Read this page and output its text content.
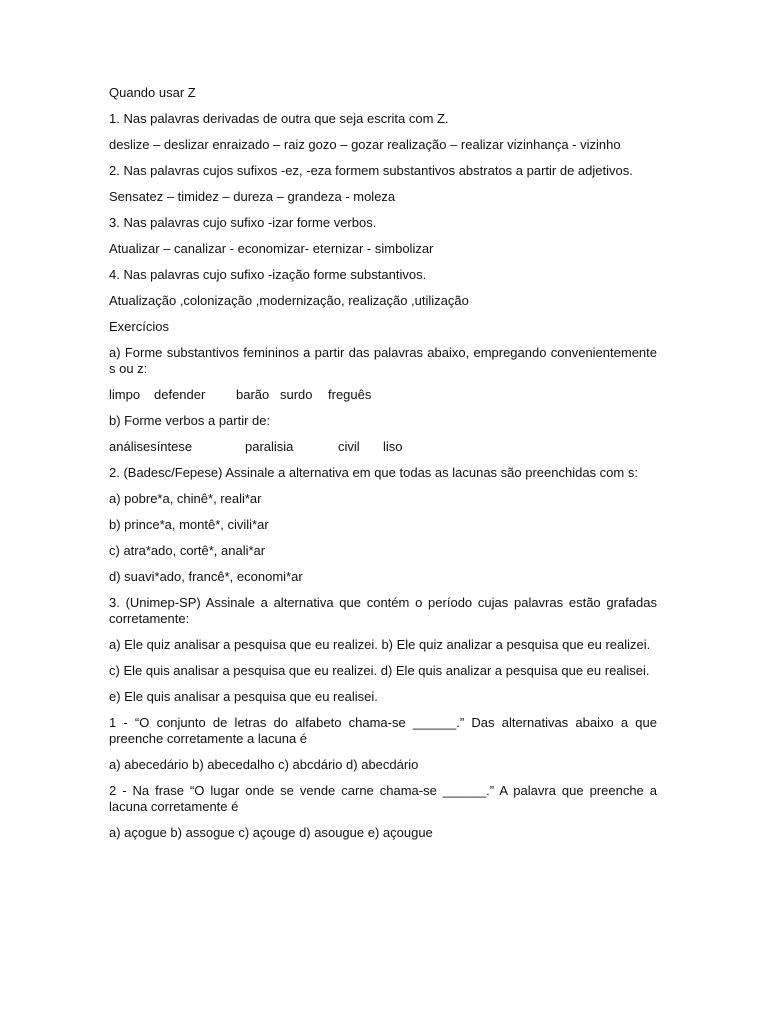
Quando usar Z

1. Nas palavras derivadas de outra que seja escrita com Z.

deslize – deslizar enraizado – raiz gozo – gozar realização – realizar vizinhança - vizinho

2. Nas palavras cujos sufixos -ez, -eza formem substantivos abstratos a partir de adjetivos.

Sensatez – timidez – dureza – grandeza - moleza

3. Nas palavras cujo sufixo -izar forme verbos.

Atualizar – canalizar - economizar- eternizar - simbolizar

4. Nas palavras cujo sufixo -ização forme substantivos.

Atualização ,colonização ,modernização, realização ,utilização

Exercícios

a) Forme substantivos femininos a partir das palavras abaixo, empregando convenientemente s ou z:

limpo defender barão surdo freguês

b) Forme verbos a partir de:

análisesíntese	paralisia	civil liso

2. (Badesc/Fepese) Assinale a alternativa em que todas as lacunas são preenchidas com s:

a) pobre*a, chinê*, reali*ar

b) prince*a, montê*, civili*ar

c) atra*ado, cortê*, anali*ar

d) suavi*ado, francê*, economi*ar

3. (Unimep-SP) Assinale a alternativa que contém o período cujas palavras estão grafadas corretamente:

a) Ele quiz analisar a pesquisa que eu realizei. b) Ele quiz analizar a pesquisa que eu realizei.

c) Ele quis analisar a pesquisa que eu realizei. d) Ele quis analizar a pesquisa que eu realisei.

e) Ele quis analisar a pesquisa que eu realisei.

1 - “O conjunto de letras do alfabeto chama-se ______.” Das alternativas abaixo a que preenche corretamente a lacuna é

a) abecedário b) abecedalho c) abcdário d) abecdário

2 - Na frase “O lugar onde se vende carne chama-se ______.” A palavra que preenche a lacuna corretamente é

a) açogue b) assogue c) açouge d) asougue e) açougue
